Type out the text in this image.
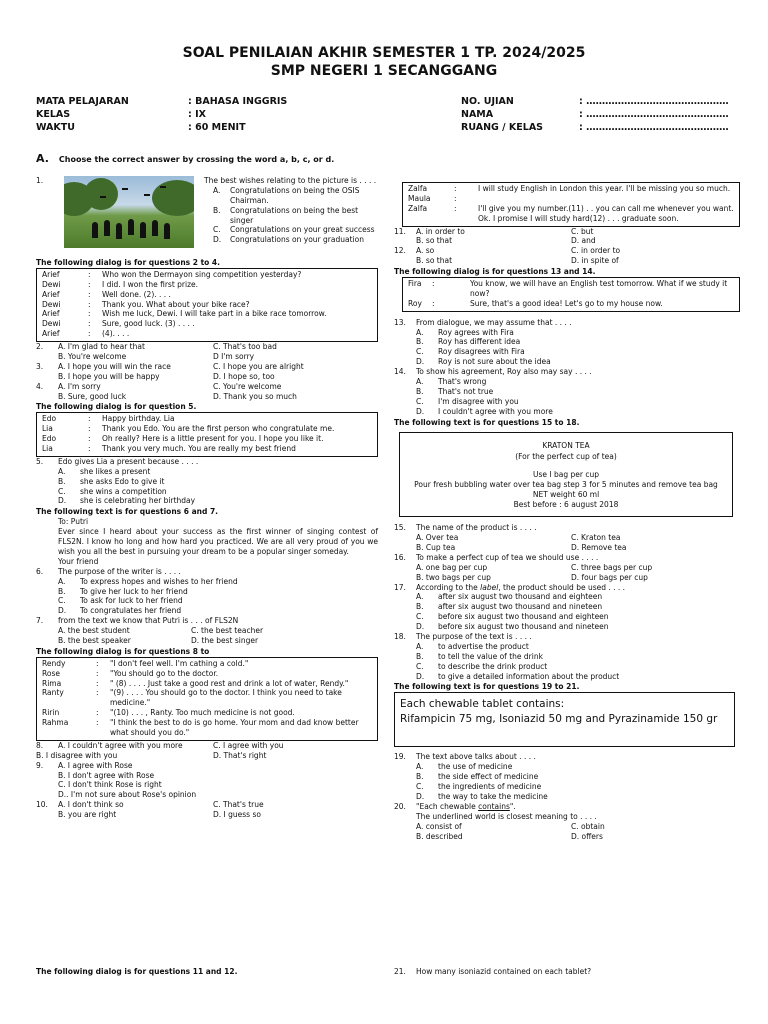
SOAL PENILAIAN AKHIR SEMESTER 1 TP. 2024/2025
SMP NEGERI 1 SECANGGANG
MATA PELAJARAN	: BAHASA INGGRIS
KELAS	: IX
WAKTU	: 60 MENIT
NO. UJIAN	: ………………………………………
NAMA	: ………………………………………
RUANG / KELAS	: ………………………………………
A. Choose the correct answer by crossing the word a, b, c, or d.
1.	The best wishes relating to the picture is . . . .
A.	Congratulations on being the OSIS Chairman.
B.	Congratulations on being the best singer
C.	Congratulations on your great success
D.	Congratulations on your graduation
The following dialog is for questions 2 to 4.
Arief	:	Who won the Dermayon sing competition yesterday?
Dewi	:	I did. I won the first prize.
Arief	:	Well done. (2). . . .
Dewi	:	Thank you. What about your bike race?
Arief	:	Wish me luck, Dewi. I will take part in a bike race tomorrow.
Dewi	:	Sure, good luck. (3) . . . .
Arief	:	(4). . . .
2.	A. I'm glad to hear that	C. That's too bad
B. You're welcome	D I'm sorry
3.	A. I hope you will win the race	C. I hope you are alright
B. I hope you will be happy	D. I hope so, too
4.	A. I'm sorry	C. You're welcome
B. Sure, good luck	D. Thank you so much
The following dialog is for question 5.
Edo	:	Happy birthday. Lia
Lia	:	Thank you Edo. You are the first person who congratulate me.
Edo	:	Oh really? Here is a little present for you. I hope you like it.
Lia	:	Thank you very much. You are really my best friend
5.	Edo gives Lia a present because . . . .
A.	she likes a present
B.	she asks Edo to give it
C.	she wins a competition
D.	she is celebrating her birthday
The following text is for questions 6 and 7.
To: Putri
Ever since I heard about your success as the first winner of singing contest of FLS2N. I know ho long and how hard you practiced. We are all very proud of you we wish you all the best in pursuing your dream to be a popular singer someday.
Your friend
6.	The purpose of the writer is . . . .
A.	To express hopes and wishes to her friend
B.	To give her luck to her friend
C.	To ask for luck to her friend
D.	To congratulates her friend
7.	from the text we know that Putri is . . . of FLS2N
A. the best student	C. the best teacher
B. the best speaker	D. the best singer
The following dialog is for questions 8 to
Rendy	:	"I don't feel well. I'm cathing a cold."
Rose	:	"You should go to the doctor.
Rima	:	" (8) . . . . Just take a good rest and drink a lot of water, Rendy."
Ranty	:	"(9) . . . . You should go to the doctor. I think you need to take medicine."
Ririn	:	"(10) . . . , Ranty. Too much medicine is not good.
Rahma	:	"I think the best to do is go home. Your mom and dad know better what should you do."
8.	A. I couldn't agree with you more	C. I agree with you
B. I disagree with you	D. That's right
9.	A. I agree with Rose
B. I don't agree with Rose
C. I don't think Rose is right
D.. I'm not sure about Rose's opinion
10.	A. I don't think so	C. That's true
B. you are right	D. I guess so
Zalfa	:	I will study English in London this year. I'll be missing you so much.
Maula	:
Zalfa	:	I'll give you my number.(11) . . you can call me whenever you want.
Ok. I promise I will study hard(12) . . . graduate soon.
11.	A. in order to	C. but
B. so that	D. and
12.	A. so	C. in order to
B. so that	D. in spite of
The following dialog is for questions 13 and 14.
Fira	:	You know, we will have an English test tomorrow. What if we study it now?
Roy	:	Sure, that's a good idea! Let's go to my house now.
13.	From dialogue, we may assume that . . . .
A.	Roy agrees with Fira
B.	Roy has different idea
C.	Roy disagrees with Fira
D.	Roy is not sure about the idea
14.	To show his agreement, Roy also may say . . . .
A.	That's wrong
B.	That's not true
C.	I'm disagree with you
D.	I couldn't agree with you more
The following text is for questions 15 to 18.
KRATON TEA
(For the perfect cup of tea)
Use I bag per cup
Pour fresh bubbling water over tea bag step 3 for 5 minutes and remove tea bag
NET weight 60 ml
Best before : 6 august 2018
15.	The name of the product is . . . .
A. Over tea	C. Kraton tea
B. Cup tea	D. Remove tea
16.	To make a perfect cup of tea we should use . . . .
A. one bag per cup	C. three bags per cup
B. two bags per cup	D. four bags per cup
17.	According to the label, the product should be used . . . .
A.	after six august two thousand and eighteen
B.	after six august two thousand and nineteen
C.	before six august two thousand and eighteen
D.	before six august two thousand and nineteen
18.	The purpose of the text is . . . .
A.	to advertise the product
B.	to tell the value of the drink
C.	to describe the drink product
D.	to give a detailed information about the product
The following text is for questions 19 to 21.
Each chewable tablet contains:
Rifampicin 75 mg, Isoniazid 50 mg and Pyrazinamide 150 gr
19.	The text above talks about . . . .
A.	the use of medicine
B.	the side effect of medicine
C.	the ingredients of medicine
D.	the way to take the medicine
20.	"Each chewable contains".
The underlined world is closest meaning to . . . .
A. consist of	C. obtain
B. described	D. offers
The following dialog is for questions 11 and 12.	21.	How many isoniazid contained on each tablet?
